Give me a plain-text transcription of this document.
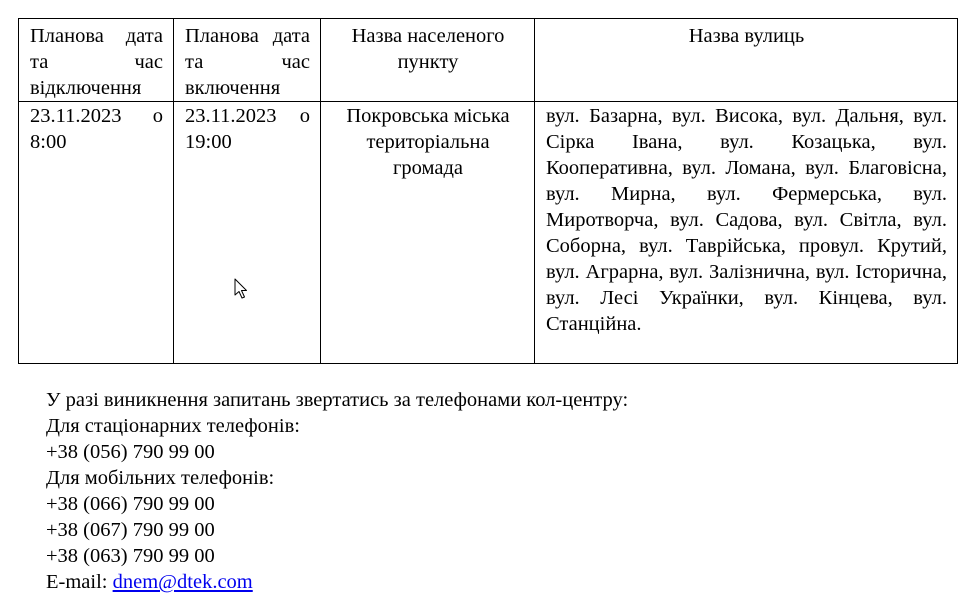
Планова дата та час відключення	Планова дата та час включення	Назва населеного пункту	Назва вулиць
23.11.2023 о 8:00	23.11.2023 о 19:00	Покровська міська територіальна громада	вул. Базарна, вул. Висока, вул. Дальня, вул. Сірка Івана, вул. Козацька, вул. Кооперативна, вул. Ломана, вул. Благовісна, вул. Мирна, вул. Фермерська, вул. Миротворча, вул. Садова, вул. Світла, вул. Соборна, вул. Таврійська, провул. Крутий, вул. Аграрна, вул. Залізнична, вул. Історична, вул. Лесі Українки, вул. Кінцева, вул. Станційна.
У разі виникнення запитань звертатись за телефонами кол-центру:
Для стаціонарних телефонів:
+38 (056) 790 99 00
Для мобільних телефонів:
+38 (066) 790 99 00
+38 (067) 790 99 00
+38 (063) 790 99 00
E-mail: dnem@dtek.com
